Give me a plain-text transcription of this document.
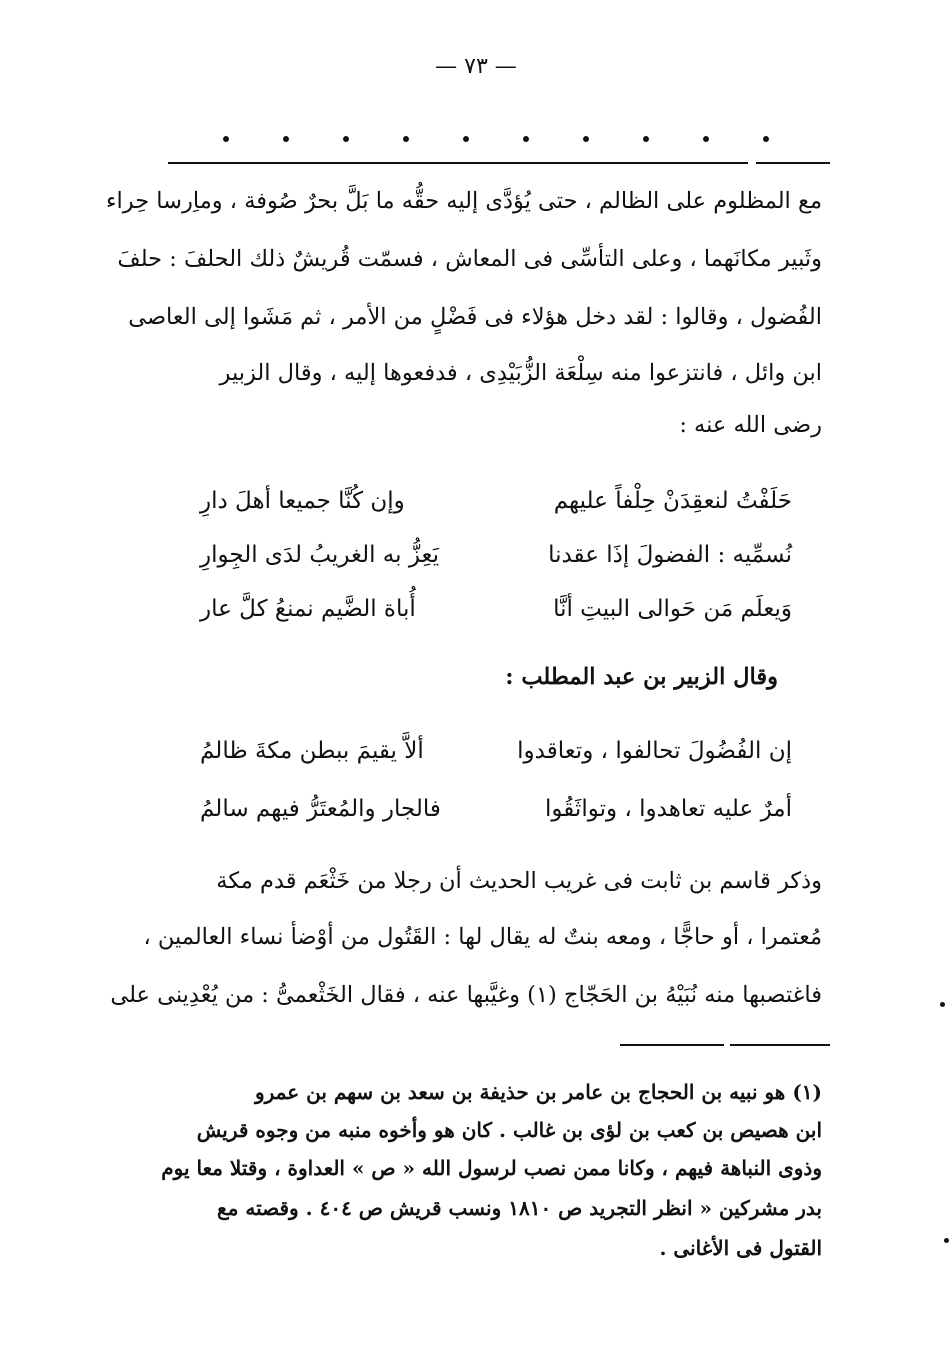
— ٧٣ —
مع المظلوم على الظالم ، حتى يُؤدَّى إليه حقُّه ما بَلَّ بحرٌ صُوفة ، وماِرسا حِراء
وثَبير مكانَهما ، وعلى التأسِّى فى المعاش ، فسمّت قُريشٌ ذلك الحلفَ : حلفَ
الفُضول ، وقالوا : لقد دخل هؤلاء فى فَضْلٍ من الأمر ، ثم مَشَوا إلى العاصى
ابن وائل ، فانتزعوا منه سِلْعَة الزُّبَيْدِى ، فدفعوها إليه ، وقال الزبير
رضى الله عنه :
حَلَفْتُ لنعقِدَنْ حِلْفاً عليهم
وإن كُنَّا جميعا أهلَ دارِ
نُسمِّيه : الفضولَ إذَا عقدنا
يَعِزُّ به الغريبُ لدَى الجِوارِ
وَيعلَم مَن حَوالى البيتِ أنَّا
أُباة الضَّيم نمنعُ كلَّ عار
وقال الزبير بن عبد المطلب :
إن الفُضُولَ تحالفوا ، وتعاقدوا
ألاَّ يقيمَ ببطن مكةَ ظالمُ
أمرٌ عليه تعاهدوا ، وتواثَقُوا
فالجار والمُعتَرُّ فيهم سالمُ
وذكر قاسم بن ثابت فى غريب الحديث أن رجلا من خَثْعَم قدم مكة
مُعتمرا ، أو حاجًّا ، ومعه بنتٌ له يقال لها : القَتُول من أوْضأ نساء العالمين ،
فاغتصبها منه نُبَيْهُ بن الحَجّاج (١) وغيَّبها عنه ، فقال الخَثْعمىُّ : من يُعْدِينى على
(١) هو نبيه بن الحجاج بن عامر بن حذيفة بن سعد بن سهم بن عمرو
ابن هصيص بن كعب بن لؤى بن غالب . كان هو وأخوه منبه من وجوه قريش
وذوى النباهة فيهم ، وكانا ممن نصب لرسول الله « ص » العداوة ، وقتلا معا يوم
بدر مشركين « انظر التجريد ص ١٨١٠ ونسب قريش ص ٤٠٤ . وقصته مع
القتول فى الأغانى .
